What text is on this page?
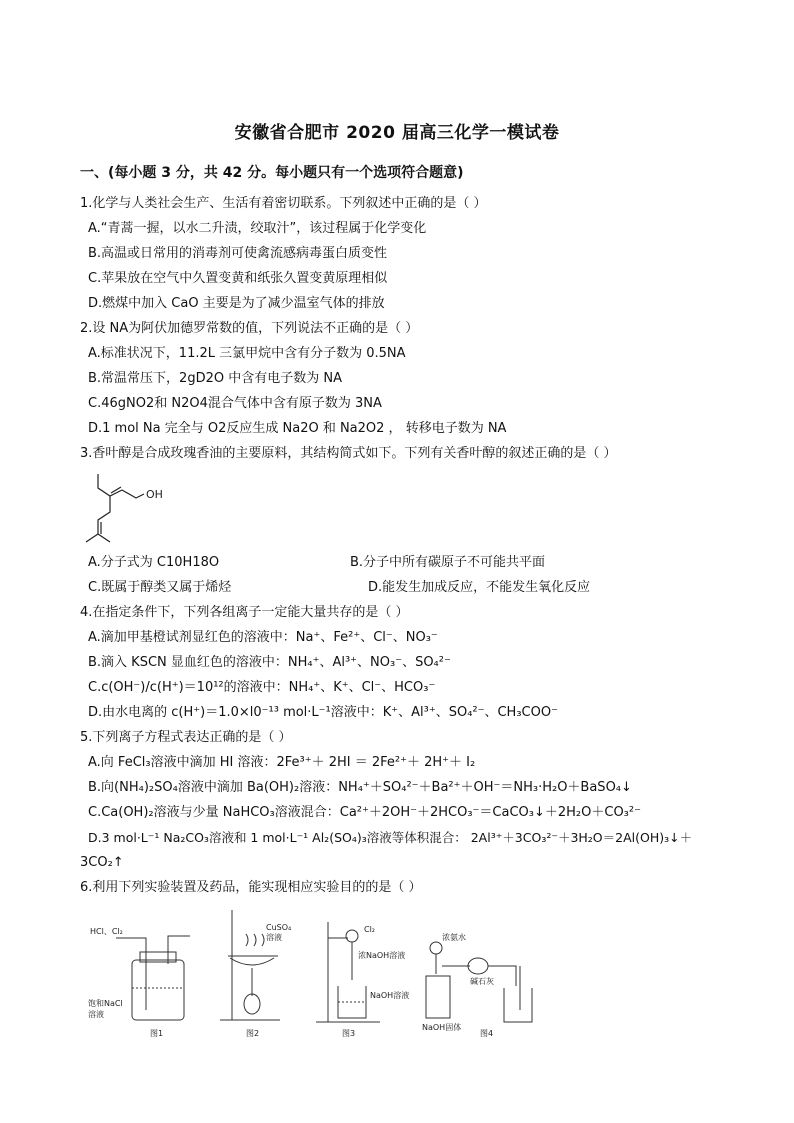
安徽省合肥市 2020 届高三化学一模试卷
一、(每小题 3 分，共 42 分。每小题只有一个选项符合题意)
1.化学与人类社会生产、生活有着密切联系。下列叙述中正确的是（ ）
A.“青蒿一握，以水二升渍，绞取汁”，该过程属于化学变化
B.高温或日常用的消毒剂可使禽流感病毒蛋白质变性
C.苹果放在空气中久置变黄和纸张久置变黄原理相似
D.燃煤中加入 CaO 主要是为了减少温室气体的排放
2.设 NA为阿伏加德罗常数的值，下列说法不正确的是（ ）
A.标准状况下，11.2L 三氯甲烷中含有分子数为 0.5NA
B.常温常压下，2gD2O 中含有电子数为 NA
C.46gNO2和 N2O4混合气体中含有原子数为 3NA
D.1 mol Na 完全与 O2反应生成 Na2O 和 Na2O2 ， 转移电子数为 NA
3.香叶醇是合成玫瑰香油的主要原料，其结构简式如下。下列有关香叶醇的叙述正确的是（ ）
OH
A.分子式为 C10H18O	B.分子中所有碳原子不可能共平面
C.既属于醇类又属于烯烃	D.能发生加成反应，不能发生氧化反应
4.在指定条件下，下列各组离子一定能大量共存的是（ ）
A.滴加甲基橙试剂显红色的溶液中：Na⁺、Fe²⁺、Cl⁻、NO₃⁻
B.滴入 KSCN 显血红色的溶液中：NH₄⁺、Al³⁺、NO₃⁻、SO₄²⁻
C.c(OH⁻)/c(H⁺)＝10¹²的溶液中：NH₄⁺、K⁺、Cl⁻、HCO₃⁻
D.由水电离的 c(H⁺)＝1.0×l0⁻¹³ mol·L⁻¹溶液中：K⁺、Al³⁺、SO₄²⁻、CH₃COO⁻
5.下列离子方程式表达正确的是（ ）
A.向 FeCl₃溶液中滴加 HI 溶液：2Fe³⁺＋ 2HI ＝ 2Fe²⁺＋ 2H⁺＋ I₂
B.向(NH₄)₂SO₄溶液中滴加 Ba(OH)₂溶液：NH₄⁺＋SO₄²⁻＋Ba²⁺＋OH⁻＝NH₃·H₂O＋BaSO₄↓
C.Ca(OH)₂溶液与少量 NaHCO₃溶液混合：Ca²⁺＋2OH⁻＋2HCO₃⁻＝CaCO₃↓＋2H₂O＋CO₃²⁻
D.3 mol·L⁻¹ Na₂CO₃溶液和 1 mol·L⁻¹ Al₂(SO₄)₃溶液等体积混合： 2Al³⁺＋3CO₃²⁻＋3H₂O＝2Al(OH)₃↓＋
3CO₂↑
6.利用下列实验装置及药品，能实现相应实验目的的是（ ）
HCl、Cl₂
饱和NaCl
溶液
图1
CuSO₄
溶液
图2
Cl₂
浓NaOH溶液
NaOH溶液
图3
浓氨水
碱石灰
NaOH固体
图4
